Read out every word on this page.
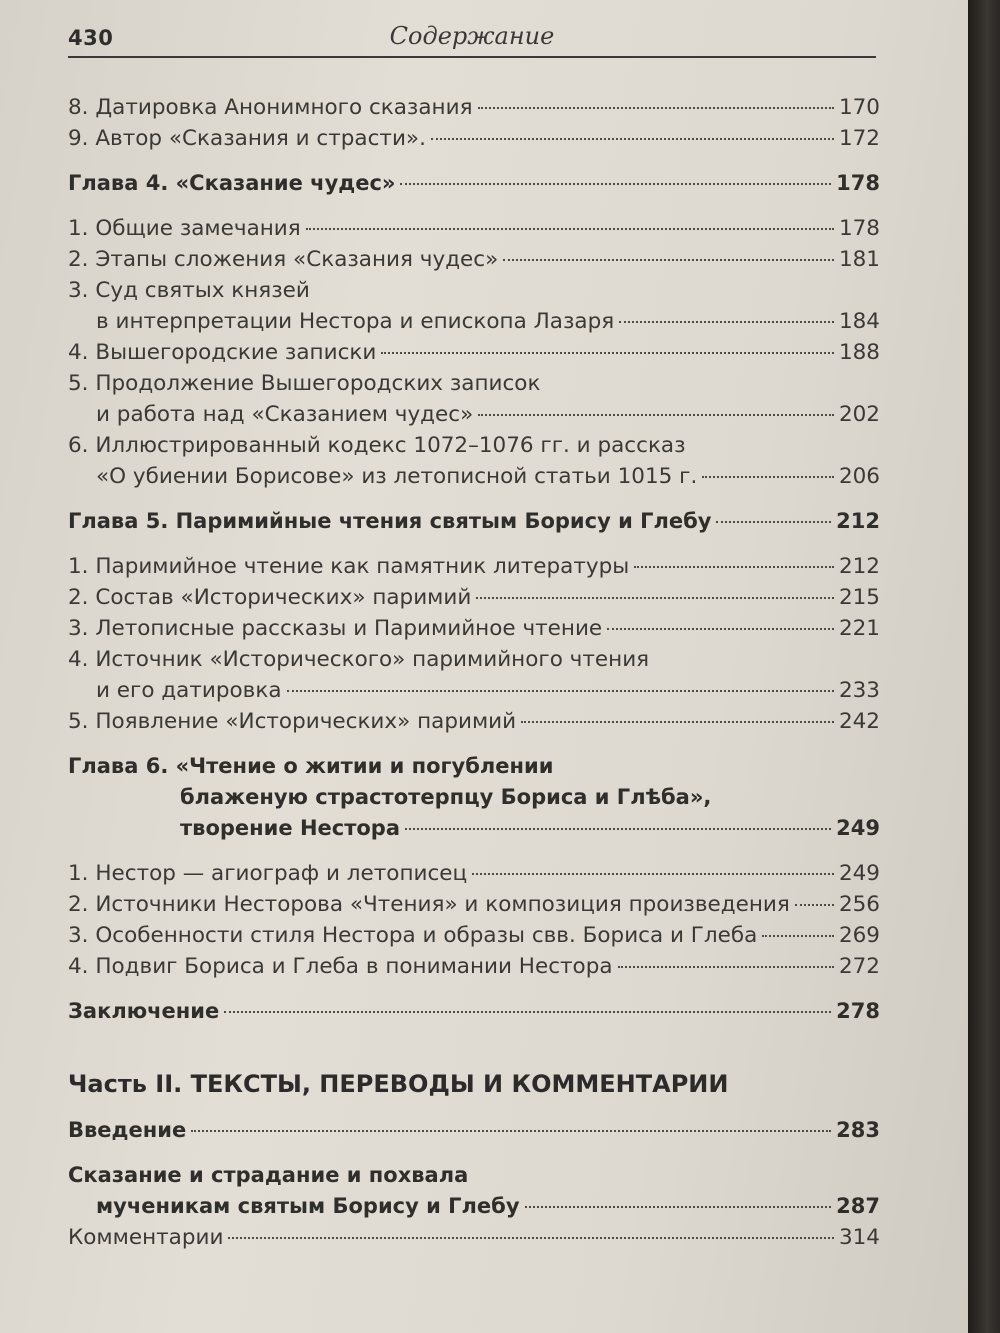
430	Содержание
8. Датировка Анонимного сказания	170
9. Автор «Сказания и страсти».	172
Глава 4. «Сказание чудес»	178
1. Общие замечания	178
2. Этапы сложения «Сказания чудес»	181
3. Суд святых князей
в интерпретации Нестора и епископа Лазаря	184
4. Вышегородские записки	188
5. Продолжение Вышегородских записок
и работа над «Сказанием чудес»	202
6. Иллюстрированный кодекс 1072–1076 гг. и рассказ
«О убиении Борисове» из летописной статьи 1015 г.	206
Глава 5. Паримийные чтения святым Борису и Глебу	212
1. Паримийное чтение как памятник литературы	212
2. Состав «Исторических» паримий	215
3. Летописные рассказы и Паримийное чтение	221
4. Источник «Исторического» паримийного чтения
и его датировка	233
5. Появление «Исторических» паримий	242
Глава 6. «Чтение о житии и погублении
блаженую страстотерпцу Бориса и Глѣба»,
творение Нестора	249
1. Нестор — агиограф и летописец	249
2. Источники Несторова «Чтения» и композиция произведения 256
3. Особенности стиля Нестора и образы свв. Бориса и Глеба	269
4. Подвиг Бориса и Глеба в понимании Нестора	272
Заключение	278
Часть II. ТЕКСТЫ, ПЕРЕВОДЫ И КОММЕНТАРИИ
Введение	283
Сказание и страдание и похвала
мученикам святым Борису и Глебу	287
Комментарии	314
